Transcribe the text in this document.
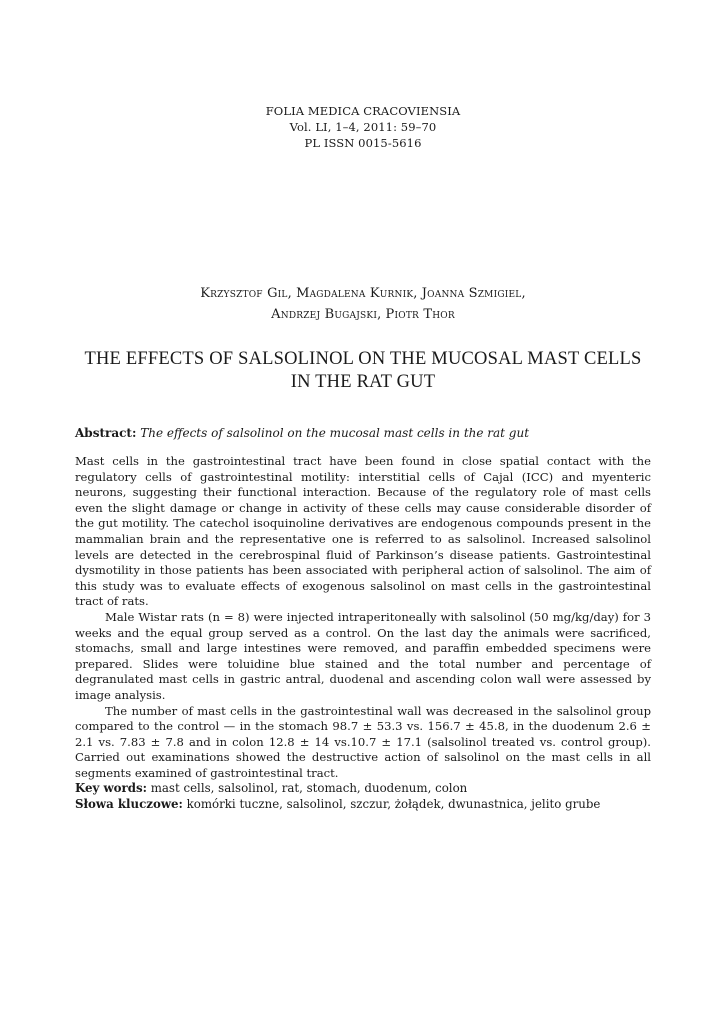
FOLIA MEDICA CRACOVIENSIA
Vol. LI, 1–4, 2011: 59–70
PL ISSN 0015-5616
Krzysztof Gil, Magdalena Kurnik, Joanna Szmigiel,
Andrzej Bugajski, Piotr Thor
THE EFFECTS OF SALSOLINOL ON THE MUCOSAL MAST CELLS
IN THE RAT GUT
Abstract: The effects of salsolinol on the mucosal mast cells in the rat gut

Mast cells in the gastrointestinal tract have been found in close spatial contact with the regulatory cells of gastrointestinal motility: interstitial cells of Cajal (ICC) and myenteric neurons, suggesting their functional interaction. Because of the regulatory role of mast cells even the slight damage or change in activity of these cells may cause considerable disorder of the gut motility. The catechol isoquinoline derivatives are endogenous compounds present in the mammalian brain and the representative one is referred to as salsolinol. Increased salsolinol levels are detected in the cerebrospinal fluid of Parkinson’s disease patients. Gastrointestinal dysmotility in those patients has been associated with peripheral action of salsolinol. The aim of this study was to evaluate effects of exogenous salsolinol on mast cells in the gastrointestinal tract of rats.

Male Wistar rats (n = 8) were injected intraperitoneally with salsolinol (50 mg/kg/day) for 3 weeks and the equal group served as a control. On the last day the animals were sacrificed, stomachs, small and large intestines were removed, and paraffin embedded specimens were prepared. Slides were toluidine blue stained and the total number and percentage of degranulated mast cells in gastric antral, duodenal and ascending colon wall were assessed by image analysis.

The number of mast cells in the gastrointestinal wall was decreased in the salsolinol group compared to the control — in the stomach 98.7 ± 53.3 vs. 156.7 ± 45.8, in the duodenum 2.6 ± 2.1 vs. 7.83 ± 7.8 and in colon 12.8 ± 14 vs.10.7 ± 17.1 (salsolinol treated vs. control group). Carried out examinations showed the destructive action of salsolinol on the mast cells in all segments examined of gastrointestinal tract.

Key words: mast cells, salsolinol, rat, stomach, duodenum, colon
Słowa kluczowe: komórki tuczne, salsolinol, szczur, żołądek, dwunastnica, jelito grube
